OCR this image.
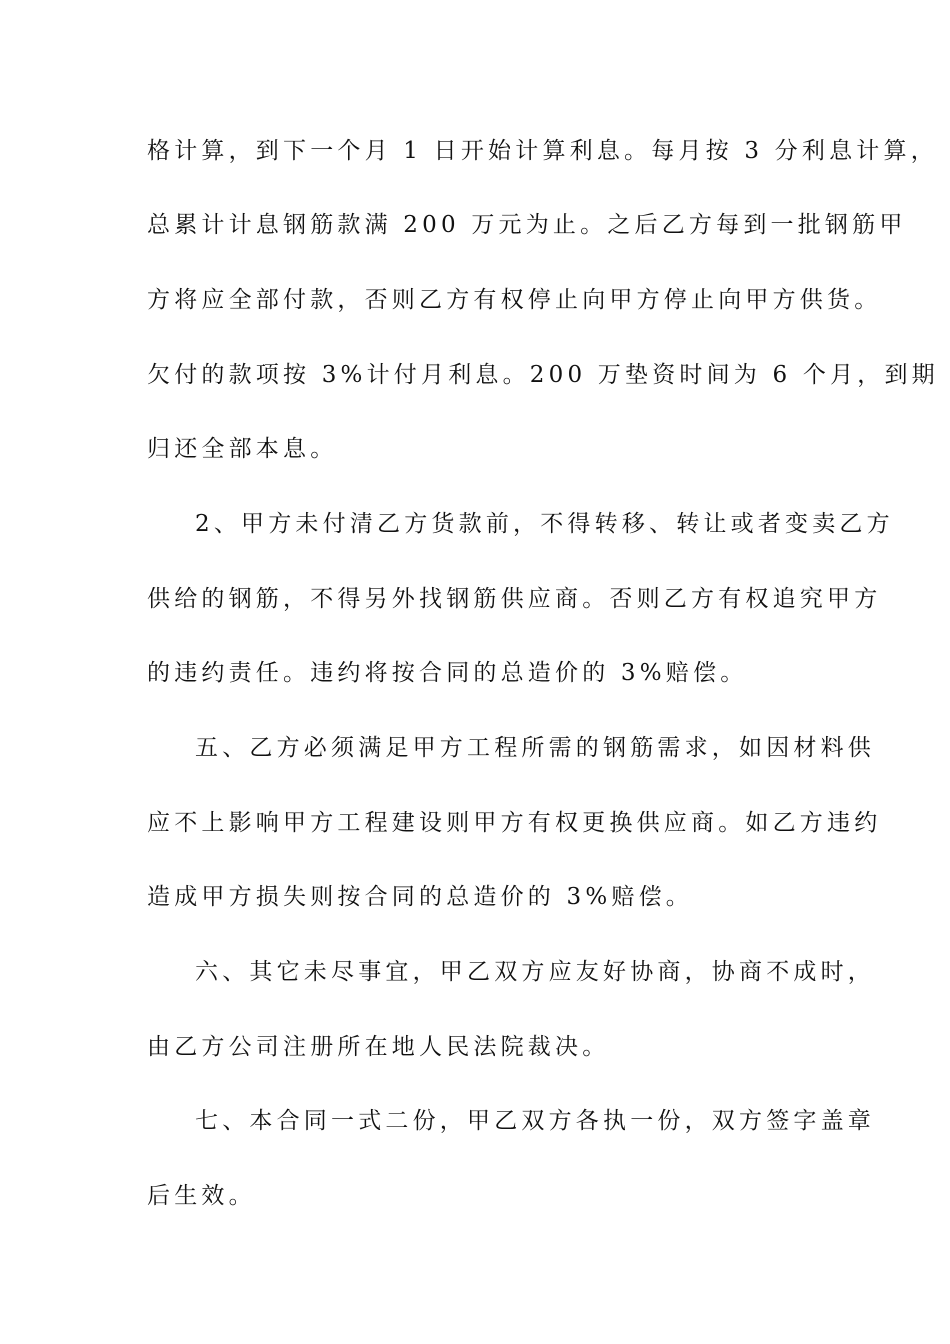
格计算，到下一个月 1 日开始计算利息。每月按 3 分利息计算，
总累计计息钢筋款满 200 万元为止。之后乙方每到一批钢筋甲
方将应全部付款，否则乙方有权停止向甲方停止向甲方供货。
欠付的款项按 3%计付月利息。200 万垫资时间为 6 个月，到期
归还全部本息。
2、甲方未付清乙方货款前，不得转移、转让或者变卖乙方
供给的钢筋，不得另外找钢筋供应商。否则乙方有权追究甲方
的违约责任。违约将按合同的总造价的 3%赔偿。
五、乙方必须满足甲方工程所需的钢筋需求，如因材料供
应不上影响甲方工程建设则甲方有权更换供应商。如乙方违约
造成甲方损失则按合同的总造价的 3%赔偿。
六、其它未尽事宜，甲乙双方应友好协商，协商不成时，
由乙方公司注册所在地人民法院裁决。
七、本合同一式二份，甲乙双方各执一份，双方签字盖章
后生效。
